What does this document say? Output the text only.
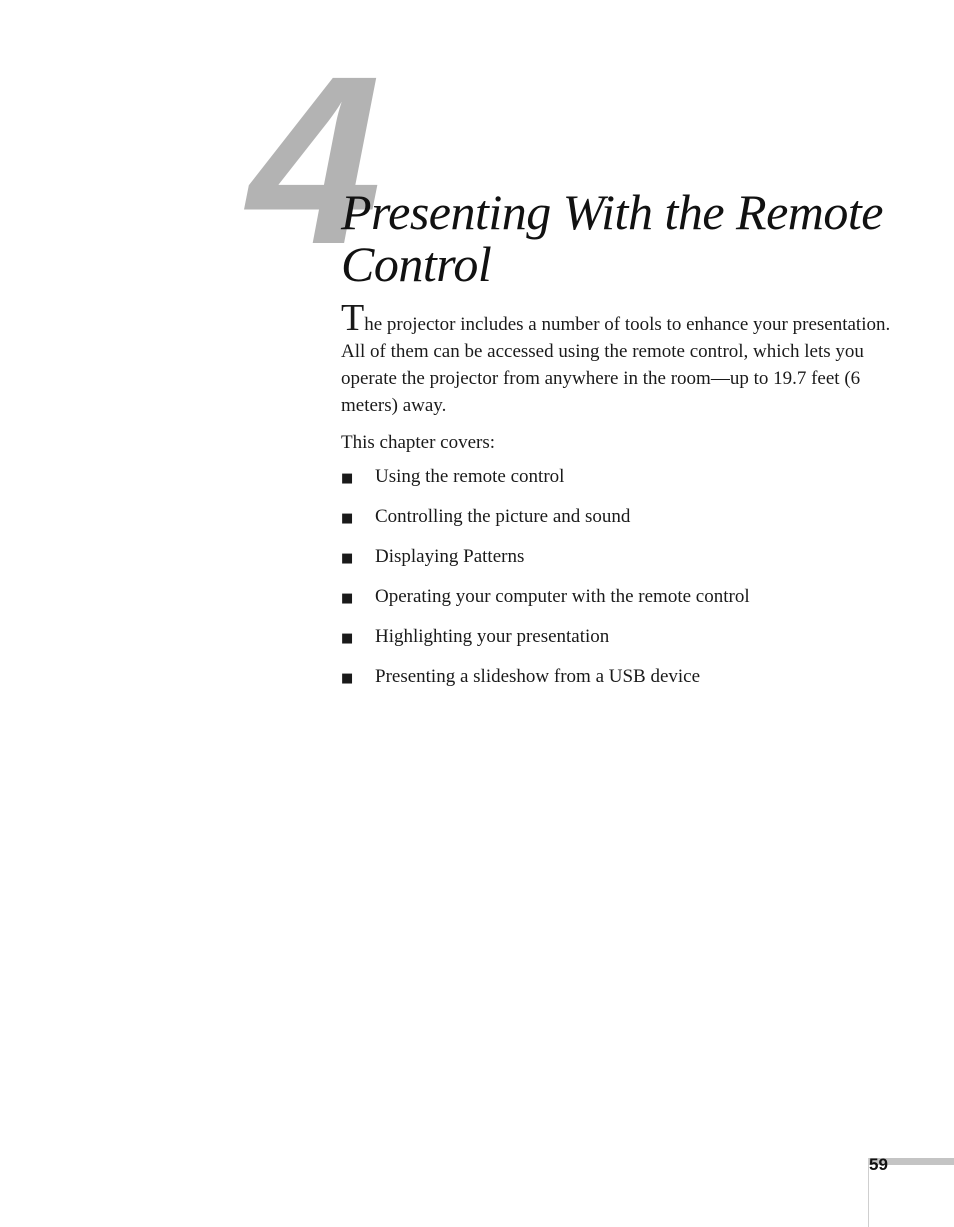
4
Presenting With the Remote Control

The projector includes a number of tools to enhance your presentation. All of them can be accessed using the remote control, which lets you operate the projector from anywhere in the room—up to 19.7 feet (6 meters) away.

This chapter covers:

■	Using the remote control
■	Controlling the picture and sound
■	Displaying Patterns
■	Operating your computer with the remote control
■	Highlighting your presentation
■	Presenting a slideshow from a USB device
59
